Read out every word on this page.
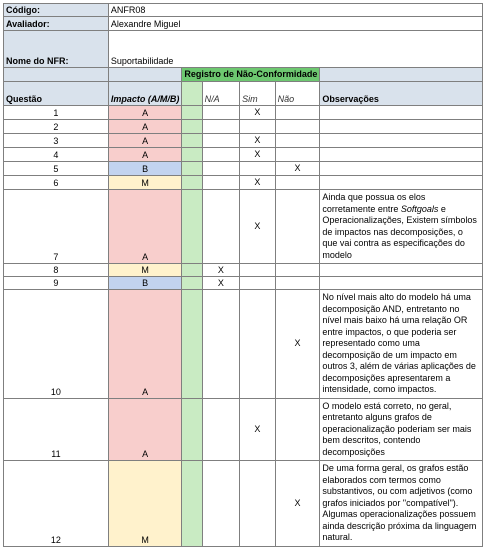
Código:	ANFR08					
Avaliador:	Alexandre Miguel					
Nome do NFR:	Suportabilidade					
		Registro de Não-Conformidade				
Questão	Impacto (A/M/B)		N/A	Sim	Não	Observações
1	A			X		
2	A					
3	A			X		
4	A			X		
5	B				X	
6	M			X		
7	A			X		Ainda que possua os elos corretamente entre Softgoals e Operacionalizações, Existem símbolos de impactos nas decomposições, o que vai contra as especificações do modelo
8	M		X			
9	B		X			
10	A				X	No nível mais alto do modelo há uma decomposição AND, entretanto no nível mais baixo há uma relação OR entre impactos, o que poderia ser representado como uma decomposição de um impacto em outros 3, além de várias aplicações de decomposições apresentarem a intensidade, como impactos.
11	A			X		O modelo está correto, no geral, entretanto alguns grafos de operacionalização poderiam ser mais bem descritos, contendo decomposições
12	M				X	De uma forma geral, os grafos estão elaborados com termos como substantivos, ou com adjetivos (como grafos iniciados por "compatível"). Algumas operacionalizações possuem ainda descrição próxima da linguagem natural.
